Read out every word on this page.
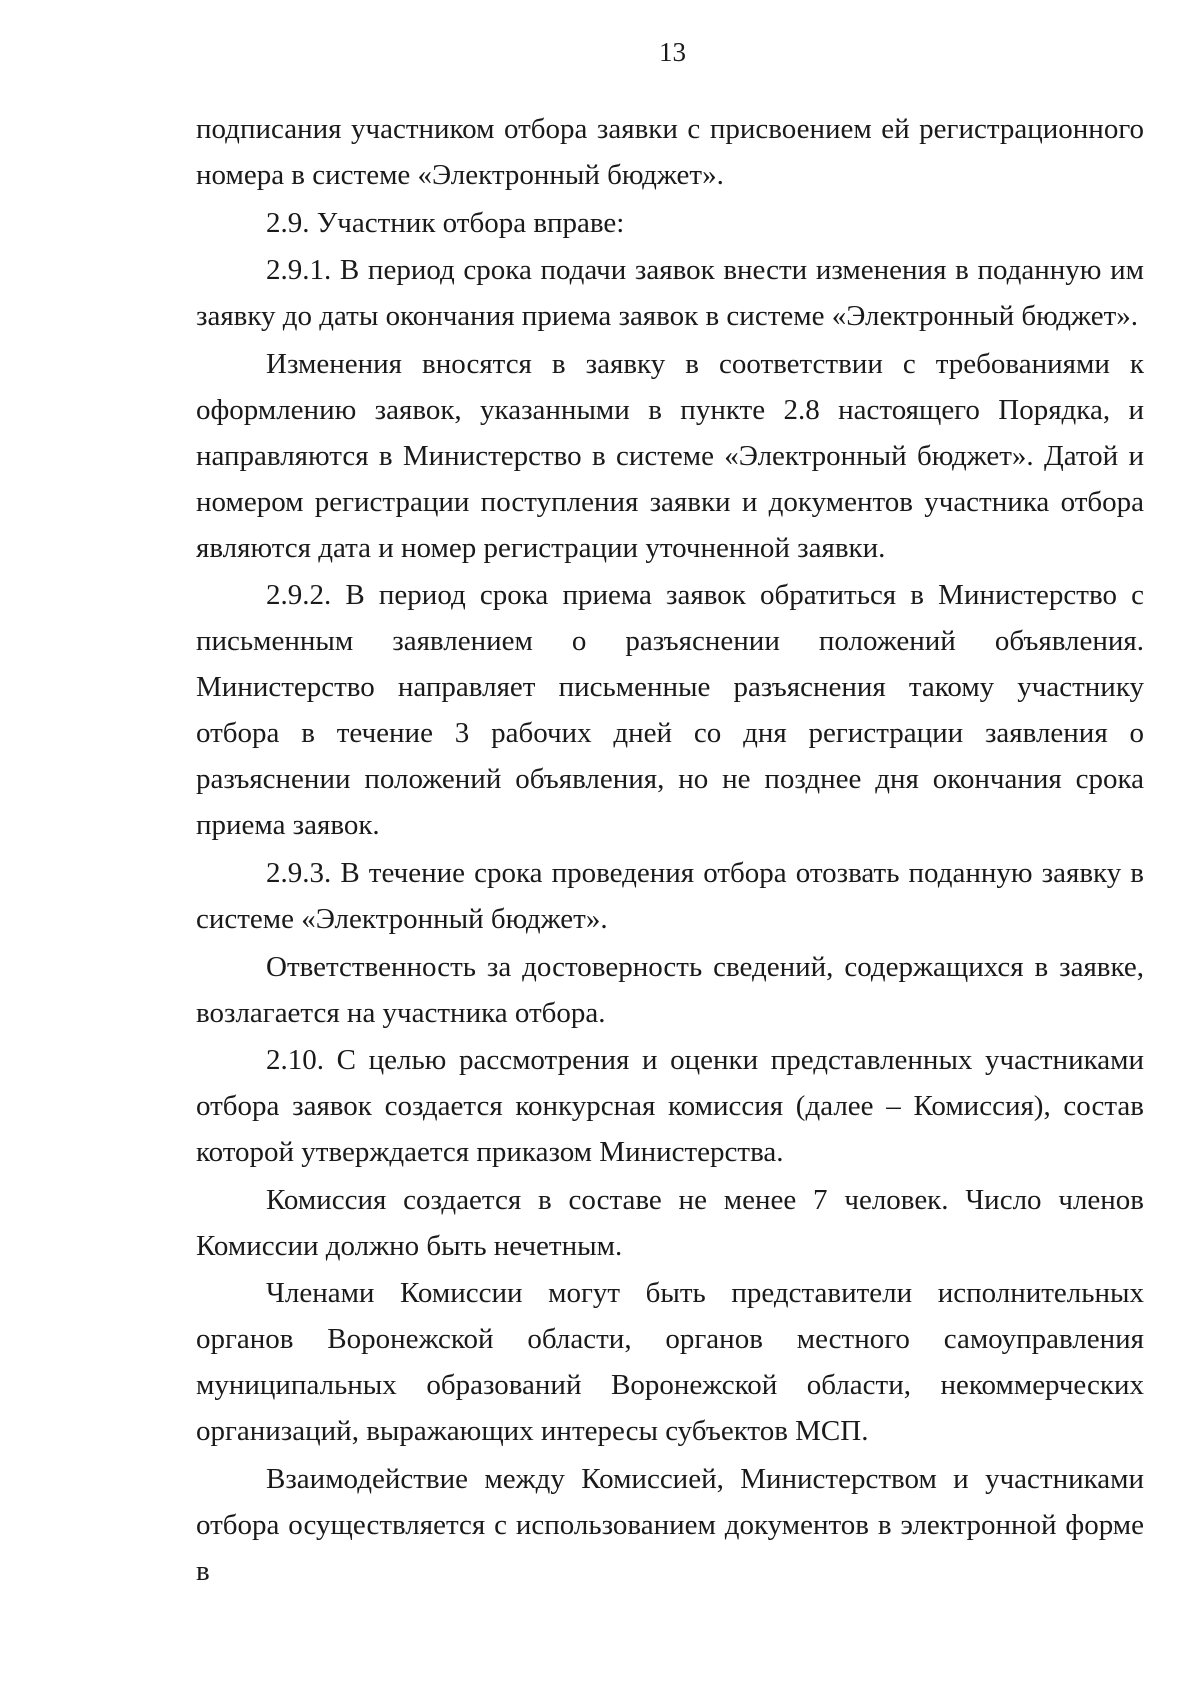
13

подписания участником отбора заявки с присвоением ей регистрационного номера в системе «Электронный бюджет».

2.9. Участник отбора вправе:

2.9.1. В период срока подачи заявок внести изменения в поданную им заявку до даты окончания приема заявок в системе «Электронный бюджет».

Изменения вносятся в заявку в соответствии с требованиями к оформлению заявок, указанными в пункте 2.8 настоящего Порядка, и направляются в Министерство в системе «Электронный бюджет». Датой и номером регистрации поступления заявки и документов участника отбора являются дата и номер регистрации уточненной заявки.

2.9.2. В период срока приема заявок обратиться в Министерство с письменным заявлением о разъяснении положений объявления. Министерство направляет письменные разъяснения такому участнику отбора в течение 3 рабочих дней со дня регистрации заявления о разъяснении положений объявления, но не позднее дня окончания срока приема заявок.

2.9.3. В течение срока проведения отбора отозвать поданную заявку в системе «Электронный бюджет».

Ответственность за достоверность сведений, содержащихся в заявке, возлагается на участника отбора.

2.10. С целью рассмотрения и оценки представленных участниками отбора заявок создается конкурсная комиссия (далее – Комиссия), состав которой утверждается приказом Министерства.

Комиссия создается в составе не менее 7 человек. Число членов Комиссии должно быть нечетным.

Членами Комиссии могут быть представители исполнительных органов Воронежской области, органов местного самоуправления муниципальных образований Воронежской области, некоммерческих организаций, выражающих интересы субъектов МСП.

Взаимодействие между Комиссией, Министерством и участниками отбора осуществляется с использованием документов в электронной форме в
